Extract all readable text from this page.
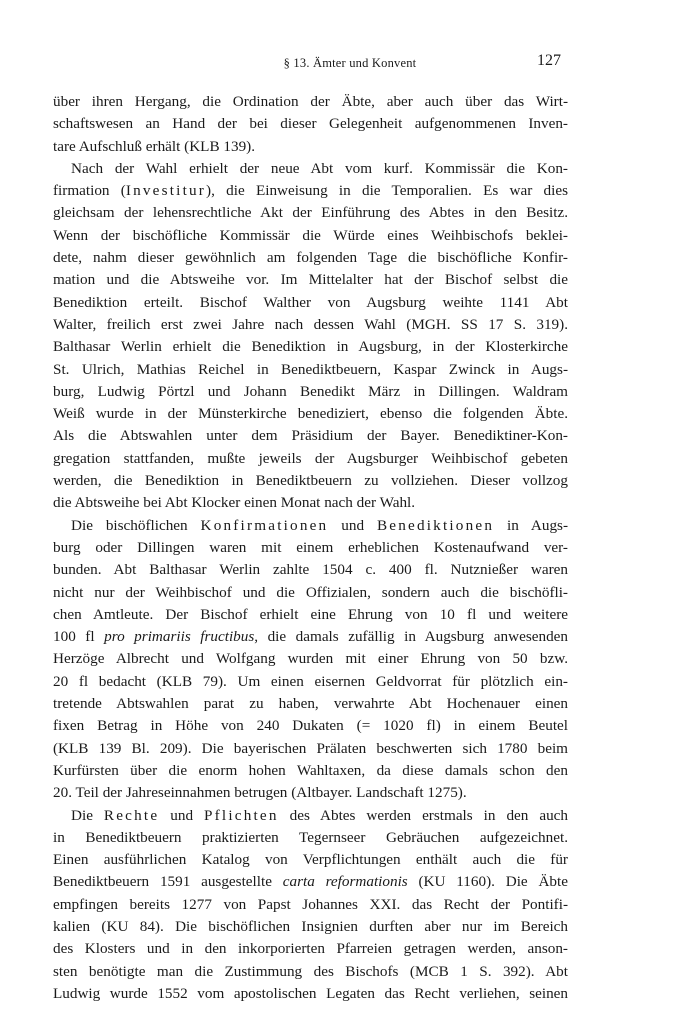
§ 13. Ämter und Konvent	127
über ihren Hergang, die Ordination der Äbte, aber auch über das Wirt-
schaftswesen an Hand der bei dieser Gelegenheit aufgenommenen Inven-
tare Aufschluß erhält (KLB 139).
Nach der Wahl erhielt der neue Abt vom kurf. Kommissär die Kon-
firmation (Investitur), die Einweisung in die Temporalien. Es war dies
gleichsam der lehensrechtliche Akt der Einführung des Abtes in den Besitz.
Wenn der bischöfliche Kommissär die Würde eines Weihbischofs beklei-
dete, nahm dieser gewöhnlich am folgenden Tage die bischöfliche Konfir-
mation und die Abtsweihe vor. Im Mittelalter hat der Bischof selbst die
Benediktion erteilt. Bischof Walther von Augsburg weihte 1141 Abt
Walter, freilich erst zwei Jahre nach dessen Wahl (MGH. SS 17 S. 319).
Balthasar Werlin erhielt die Benediktion in Augsburg, in der Klosterkirche
St. Ulrich, Mathias Reichel in Benediktbeuern, Kaspar Zwinck in Augs-
burg, Ludwig Pörtzl und Johann Benedikt März in Dillingen. Waldram
Weiß wurde in der Münsterkirche benediziert, ebenso die folgenden Äbte.
Als die Abtswahlen unter dem Präsidium der Bayer. Benediktiner-Kon-
gregation stattfanden, mußte jeweils der Augsburger Weihbischof gebeten
werden, die Benediktion in Benediktbeuern zu vollziehen. Dieser vollzog
die Abtsweihe bei Abt Klocker einen Monat nach der Wahl.
Die bischöflichen Konfirmationen und Benediktionen in Augs-
burg oder Dillingen waren mit einem erheblichen Kostenaufwand ver-
bunden. Abt Balthasar Werlin zahlte 1504 c. 400 fl. Nutznießer waren
nicht nur der Weihbischof und die Offizialen, sondern auch die bischöfli-
chen Amtleute. Der Bischof erhielt eine Ehrung von 10 fl und weitere
100 fl pro primariis fructibus, die damals zufällig in Augsburg anwesenden
Herzöge Albrecht und Wolfgang wurden mit einer Ehrung von 50 bzw.
20 fl bedacht (KLB 79). Um einen eisernen Geldvorrat für plötzlich ein-
tretende Abtswahlen parat zu haben, verwahrte Abt Hochenauer einen
fixen Betrag in Höhe von 240 Dukaten (= 1020 fl) in einem Beutel
(KLB 139 Bl. 209). Die bayerischen Prälaten beschwerten sich 1780 beim
Kurfürsten über die enorm hohen Wahltaxen, da diese damals schon den
20. Teil der Jahreseinnahmen betrugen (Altbayer. Landschaft 1275).
Die Rechte und Pflichten des Abtes werden erstmals in den auch
in Benediktbeuern praktizierten Tegernseer Gebräuchen aufgezeichnet.
Einen ausführlichen Katalog von Verpflichtungen enthält auch die für
Benediktbeuern 1591 ausgestellte carta reformationis (KU 1160). Die Äbte
empfingen bereits 1277 von Papst Johannes XXI. das Recht der Pontifi-
kalien (KU 84). Die bischöflichen Insignien durften aber nur im Bereich
des Klosters und in den inkorporierten Pfarreien getragen werden, anson-
sten benötigte man die Zustimmung des Bischofs (MCB 1 S. 392). Abt
Ludwig wurde 1552 vom apostolischen Legaten das Recht verliehen, seinen
